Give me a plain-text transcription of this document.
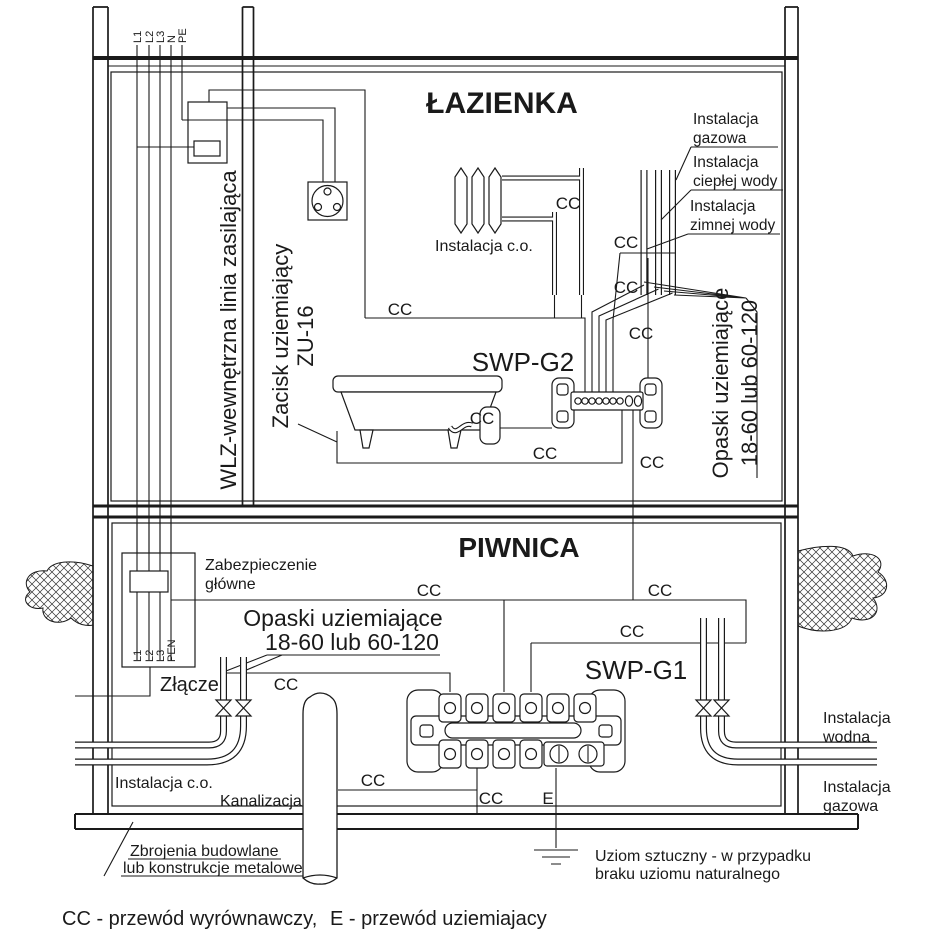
L1 L2 L3 N PE
ŁAZIENKA
Instalacja c.o.
Instalacja
gazowa
Instalacja
ciepłej wody
Instalacja
zimnej wody
SWP-G2
WLZ-wewnętrzna linia zasilająca Zacisk uziemiający ZU-16	Opaski uziemiające 18-60 lub 60-120
CC
CC
CC
CC
CC
CC
CC	CC
PIWNICA
L1 L2 L3 PEN
Zabezpieczenie
główne
Złącze
Opaski uziemiające
18-60 lub 60-120
Instalacja c.o.
Instalacja
wodna
Instalacja
gazowa
Kanalizacja
SWP-G1
Uziom sztuczny - w przypadku
braku uziomu naturalnego
Zbrojenia budowlane
lub konstrukcje metalowe
CC	CC
CC
CC
CC
CC E
CC - przewód wyrównawczy, E - przewód uziemiajacy
